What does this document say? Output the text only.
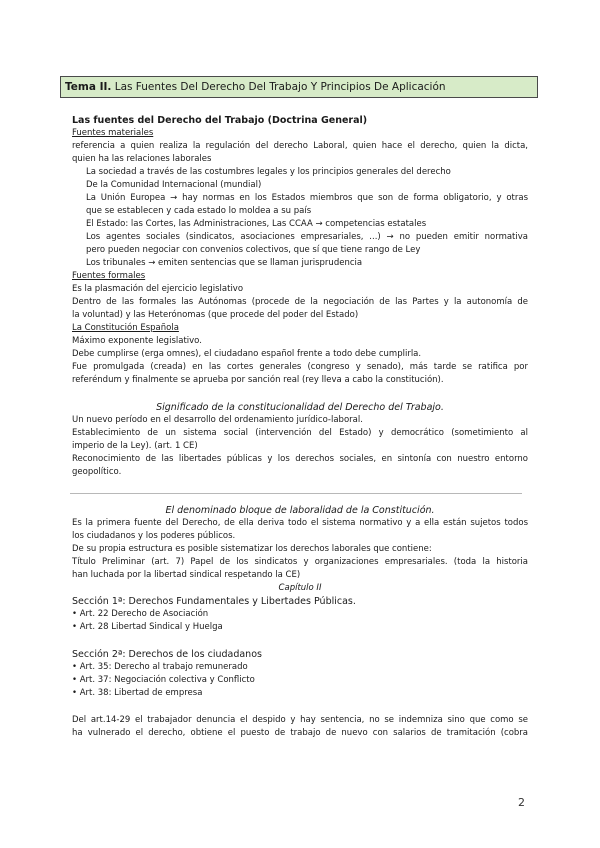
Tema II. Las Fuentes Del Derecho Del Trabajo Y Principios De Aplicación
Las fuentes del Derecho del Trabajo (Doctrina General)
Fuentes materiales
referencia a quien realiza la regulación del derecho Laboral, quien hace el derecho, quien la dicta,
quien ha las relaciones laborales
La sociedad a través de las costumbres legales y los principios generales del derecho
De la Comunidad Internacional (mundial)
La Unión Europea → hay normas en los Estados miembros que son de forma obligatorio, y otras
que se establecen y cada estado lo moldea a su país
El Estado: las Cortes, las Administraciones, Las CCAA → competencias estatales
Los agentes sociales (sindicatos, asociaciones empresariales, ...) → no pueden emitir normativa
pero pueden negociar con convenios colectivos, que sí que tiene rango de Ley
Los tribunales → emiten sentencias que se llaman jurisprudencia
Fuentes formales
Es la plasmación del ejercicio legislativo
Dentro de las formales las Autónomas (procede de la negociación de las Partes y la autonomía de
la voluntad) y las Heterónomas (que procede del poder del Estado)
La Constitución Española
Máximo exponente legislativo.
Debe cumplirse (erga omnes), el ciudadano español frente a todo debe cumplirla.
Fue promulgada (creada) en las cortes generales (congreso y senado), más tarde se ratifica por
referéndum y finalmente se aprueba por sanción real (rey lleva a cabo la constitución).
Significado de la constitucionalidad del Derecho del Trabajo.
Un nuevo período en el desarrollo del ordenamiento jurídico-laboral.
Establecimiento de un sistema social (intervención del Estado) y democrático (sometimiento al
imperio de la Ley). (art. 1 CE)
Reconocimiento de las libertades públicas y los derechos sociales, en sintonía con nuestro entorno
geopolítico.
El denominado bloque de laboralidad de la Constitución.
Es la primera fuente del Derecho, de ella deriva todo el sistema normativo y a ella están sujetos todos
los ciudadanos y los poderes públicos.
De su propia estructura es posible sistematizar los derechos laborales que contiene:
Título Preliminar (art. 7) Papel de los sindicatos y organizaciones empresariales. (toda la historia
han luchada por la libertad sindical respetando la CE)
Capítulo II
Sección 1ª: Derechos Fundamentales y Libertades Públicas.
• Art. 22 Derecho de Asociación
• Art. 28 Libertad Sindical y Huelga
Sección 2ª: Derechos de los ciudadanos
• Art. 35: Derecho al trabajo remunerado
• Art. 37: Negociación colectiva y Conflicto
• Art. 38: Libertad de empresa
Del art.14-29 el trabajador denuncia el despido y hay sentencia, no se indemniza sino que como se
ha vulnerado el derecho, obtiene el puesto de trabajo de nuevo con salarios de tramitación (cobra
2
